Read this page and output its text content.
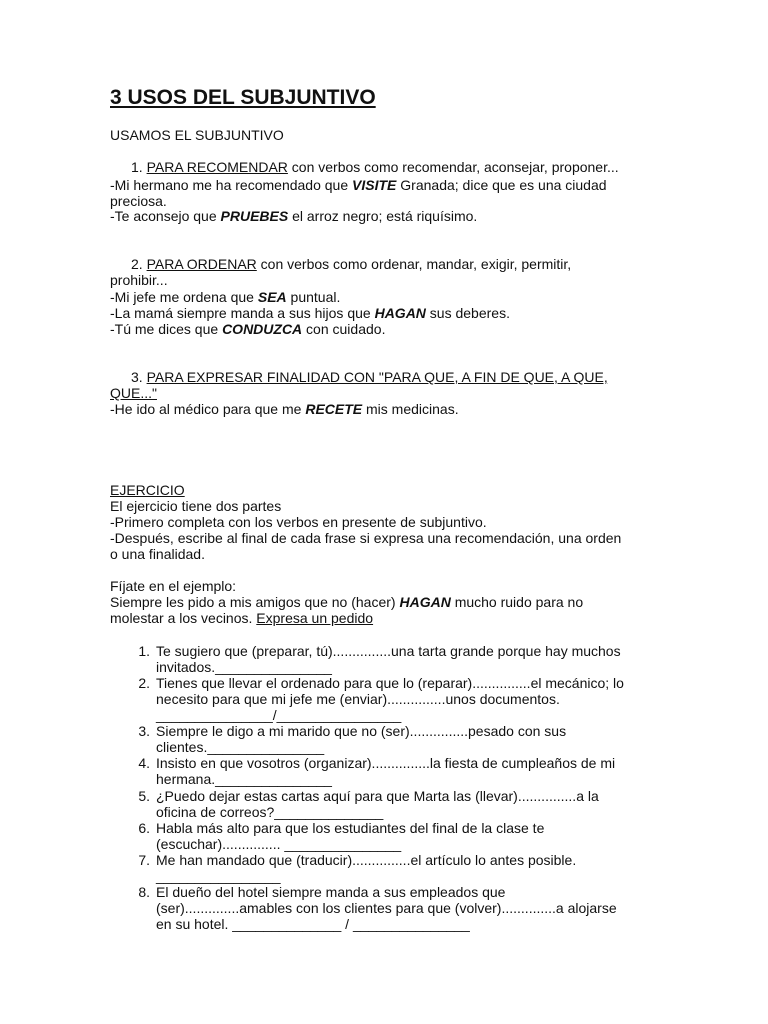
3 USOS DEL SUBJUNTIVO
USAMOS EL SUBJUNTIVO
1. PARA RECOMENDAR con verbos como recomendar, aconsejar, proponer...
-Mi hermano me ha recomendado que VISITE Granada; dice que es una ciudad
preciosa.
-Te aconsejo que PRUEBES el arroz negro; está riquísimo.
2. PARA ORDENAR con verbos como ordenar, mandar, exigir, permitir,
prohibir...
-Mi jefe me ordena que SEA puntual.
-La mamá siempre manda a sus hijos que HAGAN sus deberes.
-Tú me dices que CONDUZCA con cuidado.
3. PARA EXPRESAR FINALIDAD CON "PARA QUE, A FIN DE QUE, A QUE,
QUE..."
-He ido al médico para que me RECETE mis medicinas.
EJERCICIO
El ejercicio tiene dos partes
-Primero completa con los verbos en presente de subjuntivo.
-Después, escribe al final de cada frase si expresa una recomendación, una orden
o una finalidad.
Fíjate en el ejemplo:
Siempre les pido a mis amigos que no (hacer) HAGAN mucho ruido para no
molestar a los vecinos. Expresa un pedido
1. Te sugiero que (preparar, tú)...............una tarta grande porque hay muchos
invitados._______________
2. Tienes que llevar el ordenado para que lo (reparar)...............el mecánico; lo
necesito para que mi jefe me (enviar)...............unos documentos.
_______________/________________
3. Siempre le digo a mi marido que no (ser)...............pesado con sus
clientes._______________
4. Insisto en que vosotros (organizar)...............la fiesta de cumpleaños de mi
hermana._______________
5. ¿Puedo dejar estas cartas aquí para que Marta las (llevar)...............a la
oficina de correos?______________
6. Habla más alto para que los estudiantes del final de la clase te
(escuchar)............... _______________
7. Me han mandado que (traducir)...............el artículo lo antes posible.
________________
8. El dueño del hotel siempre manda a sus empleados que
(ser)..............amables con los clientes para que (volver)..............a alojarse
en su hotel. ______________ / _______________
